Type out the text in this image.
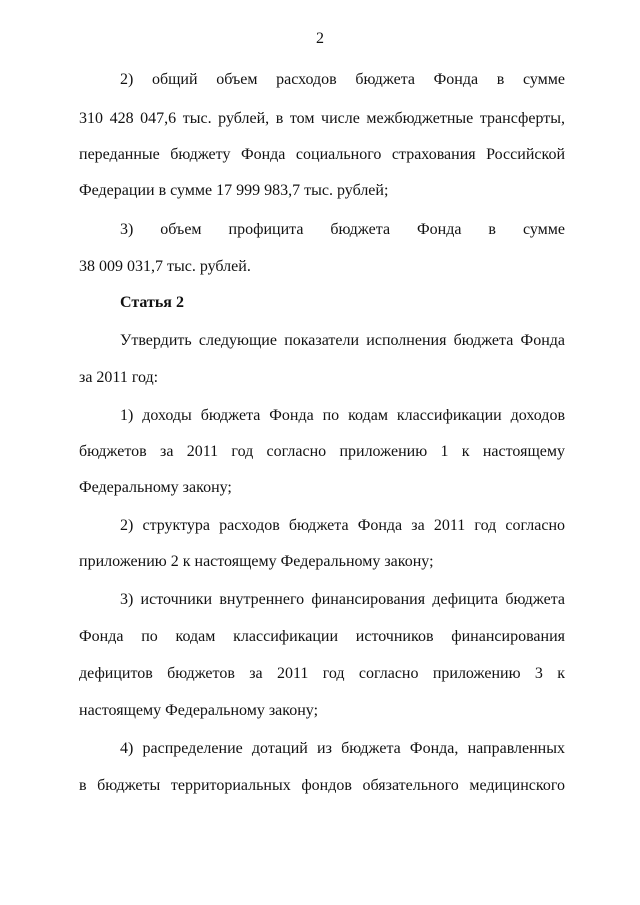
2
2) общий объем расходов бюджета Фонда в сумме
310 428 047,6 тыс. рублей, в том числе межбюджетные трансферты,
переданные бюджету Фонда социального страхования Российской
Федерации в сумме 17 999 983,7 тыс. рублей;
3) объем профицита бюджета Фонда в сумме
38 009 031,7 тыс. рублей.
Статья 2
Утвердить следующие показатели исполнения бюджета Фонда
за 2011 год:
1) доходы бюджета Фонда по кодам классификации доходов
бюджетов за 2011 год согласно приложению 1 к настоящему
Федеральному закону;
2) структура расходов бюджета Фонда за 2011 год согласно
приложению 2 к настоящему Федеральному закону;
3) источники внутреннего финансирования дефицита бюджета
Фонда по кодам классификации источников финансирования
дефицитов бюджетов за 2011 год согласно приложению 3 к
настоящему Федеральному закону;
4) распределение дотаций из бюджета Фонда, направленных
в бюджеты территориальных фондов обязательного медицинского
